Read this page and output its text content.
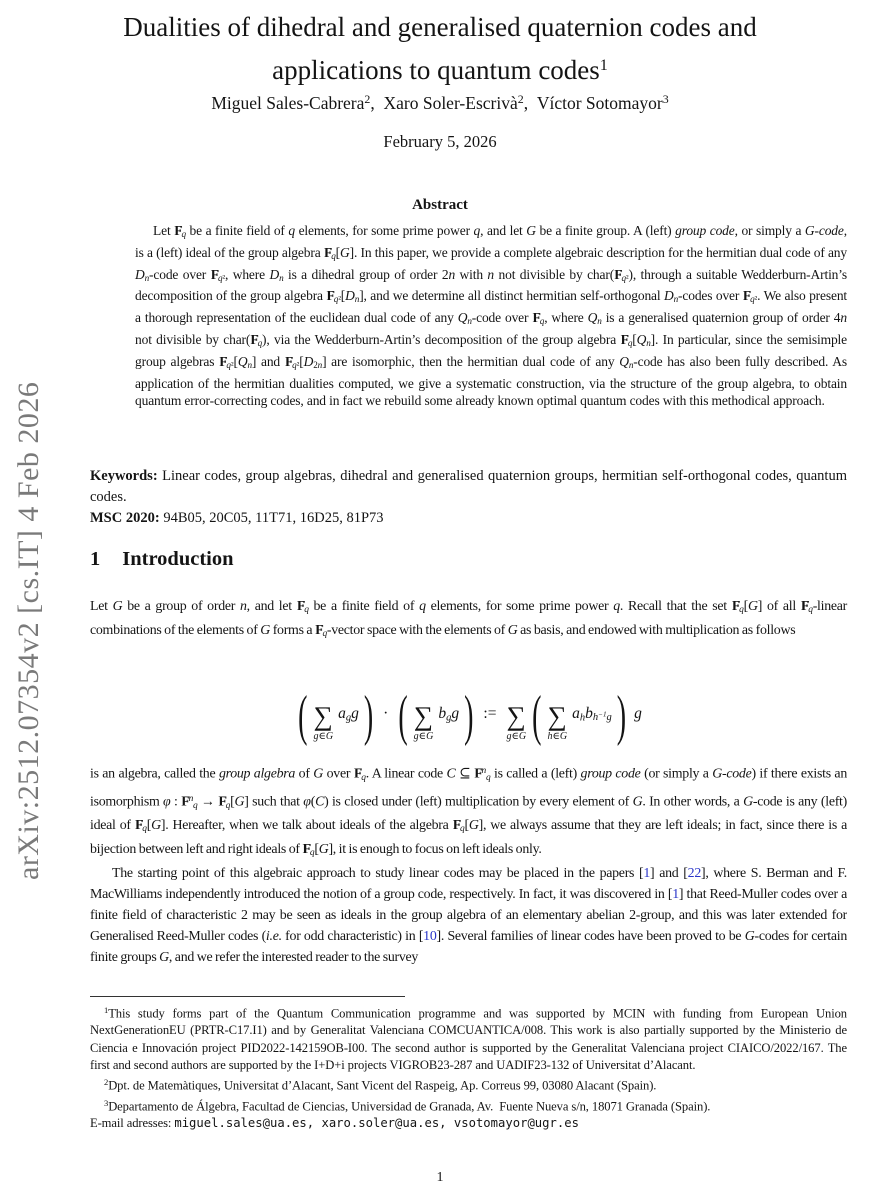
arXiv:2512.07354v2 [cs.IT] 4 Feb 2026
Dualities of dihedral and generalised quaternion codes and
applications to quantum codes$^1$
Miguel Sales-Cabrera$^2$,  Xaro Soler-Escrivà$^2$,  Víctor Sotomayor$^3$
February 5, 2026
Abstract
Let $F_q$ be a finite field of q elements, for some prime power q, and let G be a finite group. A (left) group code, or simply a G-code, is a (left) ideal of the group algebra $F_q[G]$. In this paper, we provide a complete algebraic description for the hermitian dual code of any $D_n$-code over $F_{q^2}$, where $D_n$ is a dihedral group of order 2n with n not divisible by $char(F_{q^2})$, through a suitable Wedderburn-Artin’s decomposition of the group algebra $F_{q^2}[D_n]$, and we determine all distinct hermitian self-orthogonal $D_n$-codes over $F_{q^2}$. We also present a thorough representation of the euclidean dual code of any $Q_n$-code over $F_q$, where $Q_n$ is a generalised quaternion group of order 4n not divisible by $char(F_q)$, via the Wedderburn-Artin’s decomposition of the group algebra $F_q[Q_n]$. In particular, since the semisimple group algebras $F_{q^2}[Q_n]$ and $F_{q^2}[D_{2n}]$ are isomorphic, then the hermitian dual code of any $Q_n$-code has also been fully described. As application of the hermitian dualities computed, we give a systematic construction, via the structure of the group algebra, to obtain quantum error-correcting codes, and in fact we rebuild some already known optimal quantum codes with this methodical approach.

Keywords: Linear codes, group algebras, dihedral and generalised quaternion groups, hermitian self-orthogonal codes, quantum codes.

MSC 2020: 94B05, 20C05, 11T71, 16D25, 81P73

1 Introduction
Let G be a group of order n, and let $F_q$ be a finite field of q elements, for some prime power q. Recall that the set $F_q[G]$ of all $F_q$-linear combinations of the elements of G forms a $F_q$-vector space with the elements of G as basis, and endowed with multiplication as follows
( ∑
g∈G
$a_gg$ ) · ( ∑
g∈G
$b_gg$ ) := ∑
g∈G ( ∑
h∈G
$a_hb_{h^{-1}g}$ ) g

is an algebra, called the group algebra of G over $F_q$. A linear code C ⊆ $F^n_q$ is called a (left) group code (or simply a G-code) if there exists an isomorphism φ : $F^n_q \to F_q[G]$ such that φ(C) is closed under (left) multiplication by every element of G. In other words, a G-code is any (left) ideal of $F_q[G]$. Hereafter, when we talk about ideals of the algebra $F_q[G]$, we always assume that they are left ideals; in fact, since there is a bijection between left and right ideals of $F_q[G]$, it is enough to focus on left ideals only.

The starting point of this algebraic approach to study linear codes may be placed in the papers [1] and [22], where S. Berman and F. MacWilliams independently introduced the notion of a group code, respectively. In fact, it was discovered in [1] that Reed-Muller codes over a finite field of characteristic 2 may be seen as ideals in the group algebra of an elementary abelian 2-group, and this was later extended for Generalised Reed-Muller codes (i.e. for odd characteristic) in [10]. Several families of linear codes have been proved to be G-codes for certain finite groups G, and we refer the interested reader to the survey

$^1$This study forms part of the Quantum Communication programme and was supported by MCIN with funding from European Union NextGenerationEU (PRTR-C17.I1) and by Generalitat Valenciana COMCUANTICA/008. This work is also partially supported by the Ministerio de Ciencia e Innovación project PID2022-142159OB-I00. The second author is supported by the Generalitat Valenciana project CIAICO/2022/167. The first and second authors are supported by the I+D+i projects VIGROB23-287 and UADIF23-132 of Universitat d’Alacant.

$^2$Dpt. de Matemàtiques, Universitat d’Alacant, Sant Vicent del Raspeig, Ap. Correus 99, 03080 Alacant (Spain).

$^3$Departamento de Álgebra, Facultad de Ciencias, Universidad de Granada, Av.  Fuente Nueva s/n, 18071 Granada (Spain).

E-mail adresses: miguel.sales@ua.es, xaro.soler@ua.es, vsotomayor@ugr.es

1
